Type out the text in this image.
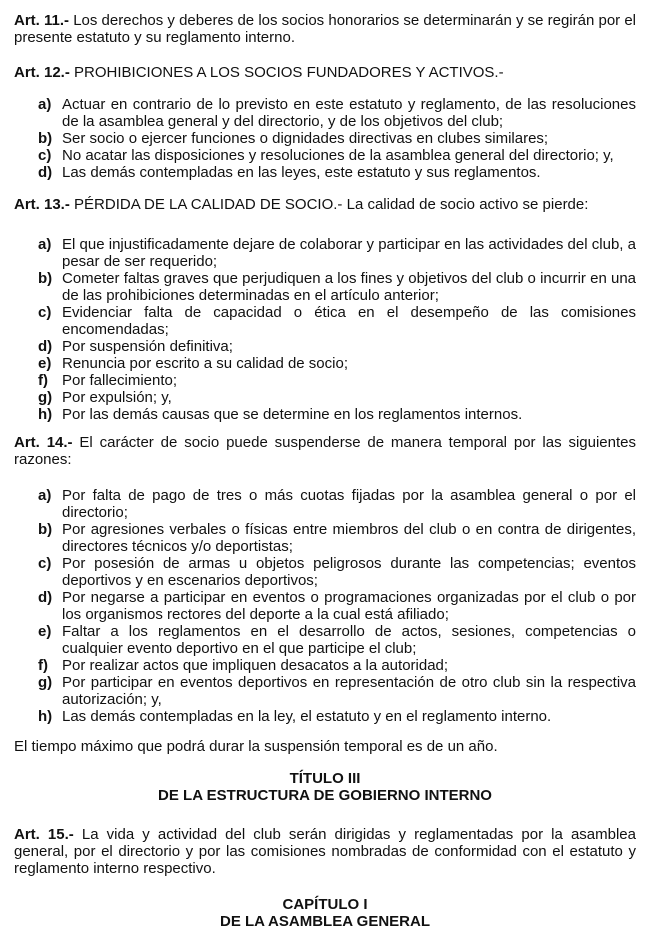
Art. 11.- Los derechos y deberes de los socios honorarios se determinarán y se regirán por el presente estatuto y su reglamento interno.

Art. 12.- PROHIBICIONES A LOS SOCIOS FUNDADORES Y ACTIVOS.-

a) Actuar en contrario de lo previsto en este estatuto y reglamento, de las resoluciones de la asamblea general y del directorio, y de los objetivos del club;
b) Ser socio o ejercer funciones o dignidades directivas en clubes similares;
c) No acatar las disposiciones y resoluciones de la asamblea general del directorio; y,
d) Las demás contempladas en las leyes, este estatuto y sus reglamentos.

Art. 13.- PÉRDIDA DE LA CALIDAD DE SOCIO.- La calidad de socio activo se pierde:

a) El que injustificadamente dejare de colaborar y participar en las actividades del club, a pesar de ser requerido;
b) Cometer faltas graves que perjudiquen a los fines y objetivos del club o incurrir en una de las prohibiciones determinadas en el artículo anterior;
c) Evidenciar falta de capacidad o ética en el desempeño de las comisiones encomendadas;
d) Por suspensión definitiva;
e) Renuncia por escrito a su calidad de socio;
f) Por fallecimiento;
g) Por expulsión; y,
h) Por las demás causas que se determine en los reglamentos internos.

Art. 14.- El carácter de socio puede suspenderse de manera temporal por las siguientes razones:

a) Por falta de pago de tres o más cuotas fijadas por la asamblea general o por el directorio;
b) Por agresiones verbales o físicas entre miembros del club o en contra de dirigentes, directores técnicos y/o deportistas;
c) Por posesión de armas u objetos peligrosos durante las competencias; eventos deportivos y en escenarios deportivos;
d) Por negarse a participar en eventos o programaciones organizadas por el club o por los organismos rectores del deporte a la cual está afiliado;
e) Faltar a los reglamentos en el desarrollo de actos, sesiones, competencias o cualquier evento deportivo en el que participe el club;
f) Por realizar actos que impliquen desacatos a la autoridad;
g) Por participar en eventos deportivos en representación de otro club sin la respectiva autorización; y,
h) Las demás contempladas en la ley, el estatuto y en el reglamento interno.

El tiempo máximo que podrá durar la suspensión temporal es de un año.

TÍTULO III
DE LA ESTRUCTURA DE GOBIERNO INTERNO

Art. 15.- La vida y actividad del club serán dirigidas y reglamentadas por la asamblea general, por el directorio y por las comisiones nombradas de conformidad con el estatuto y reglamento interno respectivo.

CAPÍTULO I
DE LA ASAMBLEA GENERAL
